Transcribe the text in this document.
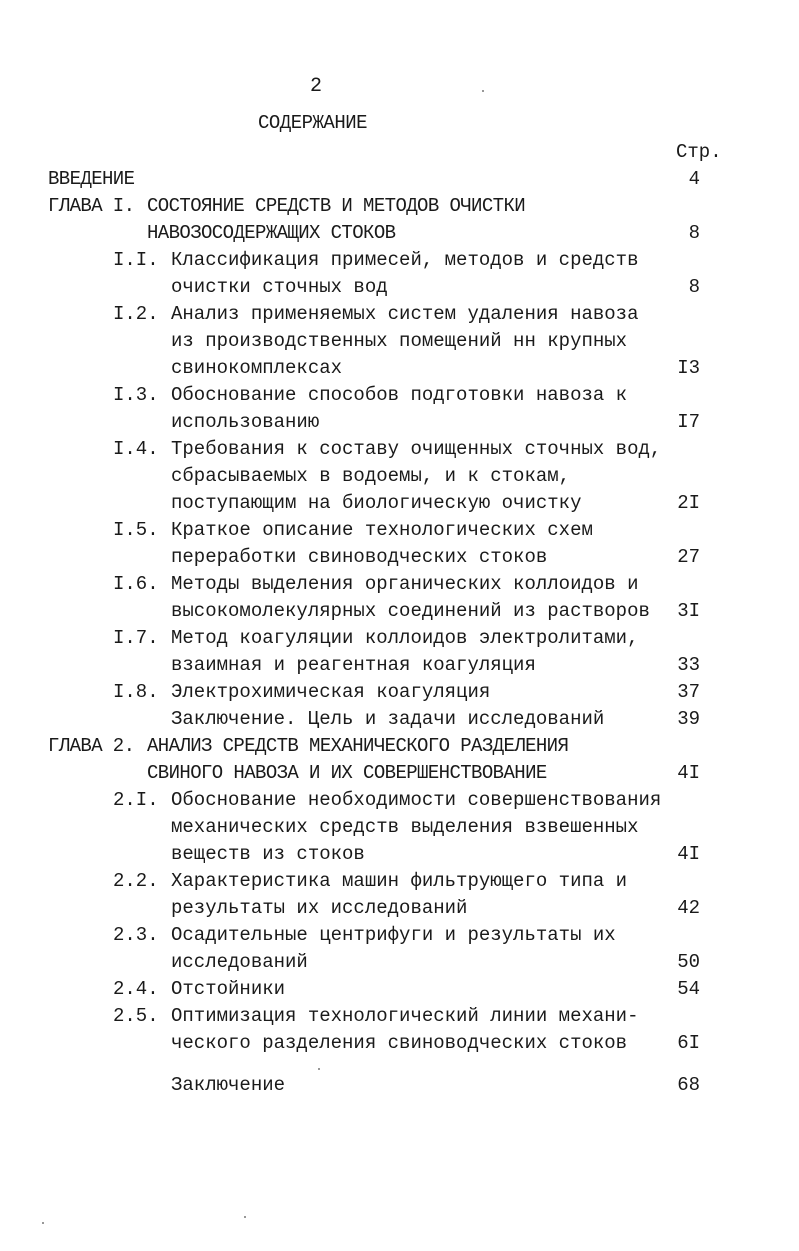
2
СОДЕРЖАНИЕ
Стр.
ВВЕДЕНИЕ	4
ГЛАВА I. СОСТОЯНИЕ СРЕДСТВ И МЕТОДОВ ОЧИСТКИ
НАВОЗОСОДЕРЖАЩИХ СТОКОВ	8
I.I. Классификация примесей, методов и средств
очистки сточных вод	8
I.2. Анализ применяемых систем удаления навоза
из производственных помещений нн крупных
свинокомплексах	I3
I.3. Обоснование способов подготовки навоза к
использованию	I7
I.4. Требования к составу очищенных сточных вод,
сбрасываемых в водоемы, и к стокам,
поступающим на биологическую очистку	2I
I.5. Краткое описание технологических схем
переработки свиноводческих стоков	27
I.6. Методы выделения органических коллоидов и
высокомолекулярных соединений из растворов	3I
I.7. Метод коагуляции коллоидов электролитами,
взаимная и реагентная коагуляция	33
I.8. Электрохимическая коагуляция	37
Заключение. Цель и задачи исследований	39
ГЛАВА 2. АНАЛИЗ СРЕДСТВ МЕХАНИЧЕСКОГО РАЗДЕЛЕНИЯ
СВИНОГО НАВОЗА И ИХ СОВЕРШЕНСТВОВАНИЕ	4I
2.I. Обоснование необходимости совершенствования
механических средств выделения взвешенных
веществ из стоков	4I
2.2. Характеристика машин фильтрующего типа и
результаты их исследований	42
2.3. Осадительные центрифуги и результаты их
исследований	50
2.4. Отстойники	54
2.5. Оптимизация технологический линии механи-
ческого разделения свиноводческих стоков	6I
Заключение	68
